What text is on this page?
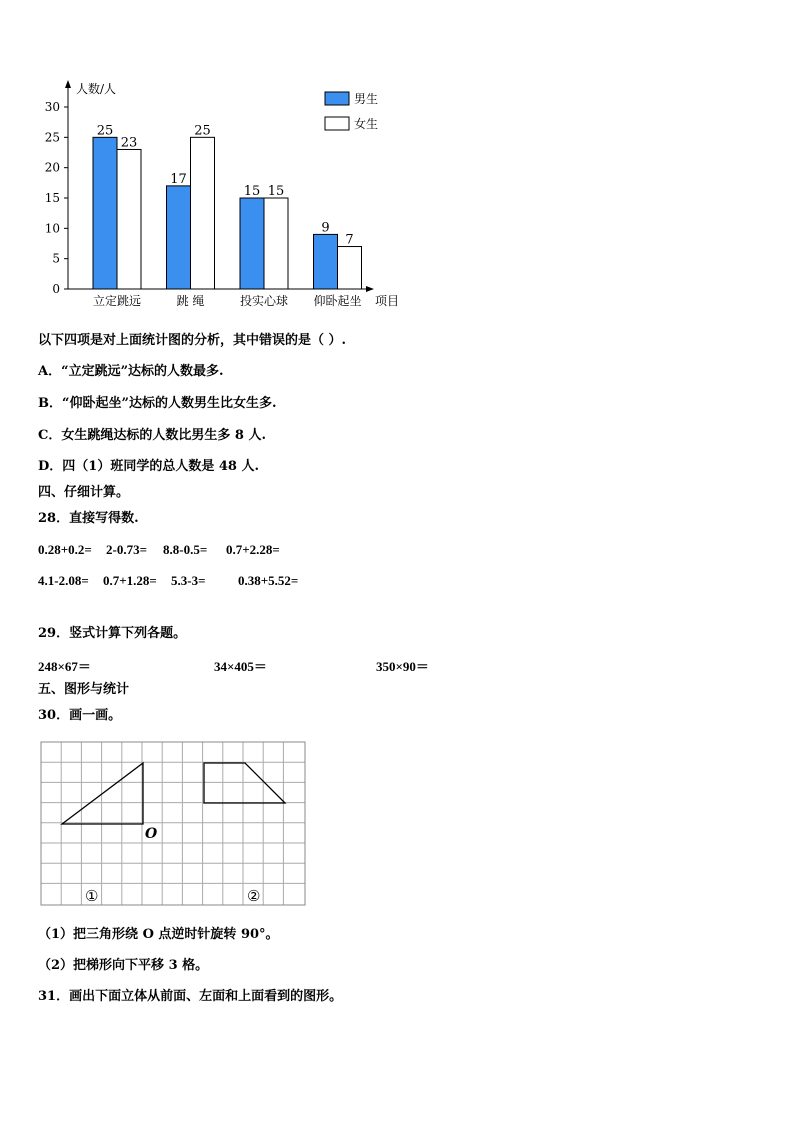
人数/人
项目
0
5
10
15
20
25
30
25
23
立定跳远
17
25
跳 绳
15 15
投实心球
9
7
仰卧起坐
男生
女生
以下四项是对上面统计图的分析，其中错误的是（ ）.
A．“立定跳远”达标的人数最多.
B．“仰卧起坐”达标的人数男生比女生多.
C．女生跳绳达标的人数比男生多 8 人.
D．四（1）班同学的总人数是 48 人.
四、仔细计算。
28．直接写得数.
0.28+0.2= 2-0.73= 8.8-0.5= 0.7+2.28=
4.1-2.08= 0.7+1.28= 5.3-3=	0.38+5.52=
29．竖式计算下列各题。
248×67＝	34×405＝	350×90＝
五、图形与统计
30．画一画。
O
①	②
（1）把三角形绕 O 点逆时针旋转 90°。
（2）把梯形向下平移 3 格。
31．画出下面立体从前面、左面和上面看到的图形。
